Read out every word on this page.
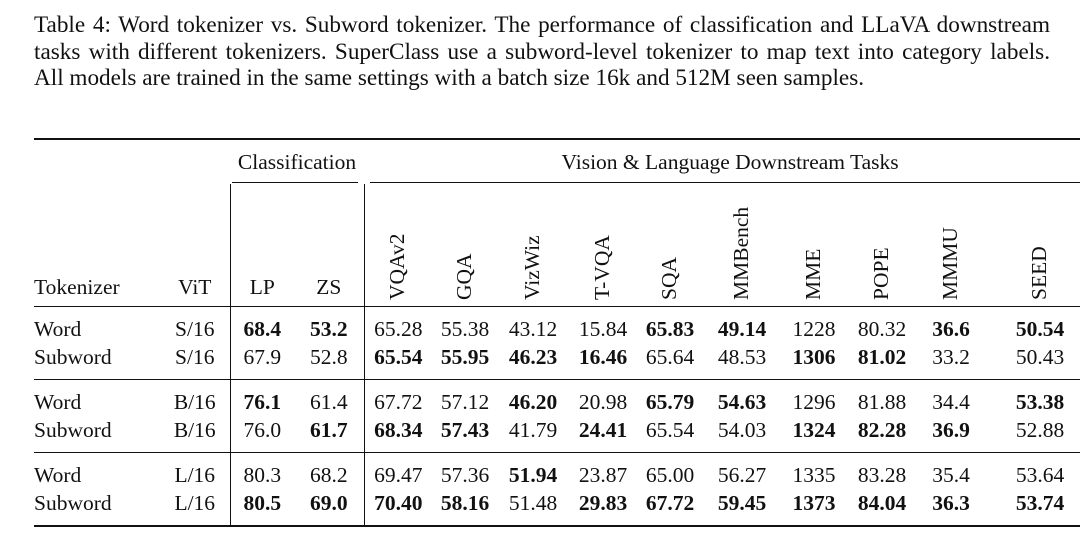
Table 4: Word tokenizer vs. Subword tokenizer. The performance of classification and LLaVA downstream tasks with different tokenizers. SuperClass use a subword-level tokenizer to map text into category labels. All models are trained in the same settings with a batch size 16k and 512M seen samples.
		Classification		Vision & Language Downstream Tasks									

Tokenizer	ViT	LP	ZS	VQAv2	GQA	VizWiz	T-VQA	SQA	MMBench	MME	POPE	MMMU	SEED

Word	S/16	68.4	53.2	65.28	55.38	43.12	15.84	65.83	49.14	1228	80.32	36.6	50.54
Subword	S/16	67.9	52.8	65.54	55.95	46.23	16.46	65.64	48.53	1306	81.02	33.2	50.43

Word	B/16	76.1	61.4	67.72	57.12	46.20	20.98	65.79	54.63	1296	81.88	34.4	53.38
Subword	B/16	76.0	61.7	68.34	57.43	41.79	24.41	65.54	54.03	1324	82.28	36.9	52.88

Word	L/16	80.3	68.2	69.47	57.36	51.94	23.87	65.00	56.27	1335	83.28	35.4	53.64
Subword	L/16	80.5	69.0	70.40	58.16	51.48	29.83	67.72	59.45	1373	84.04	36.3	53.74
